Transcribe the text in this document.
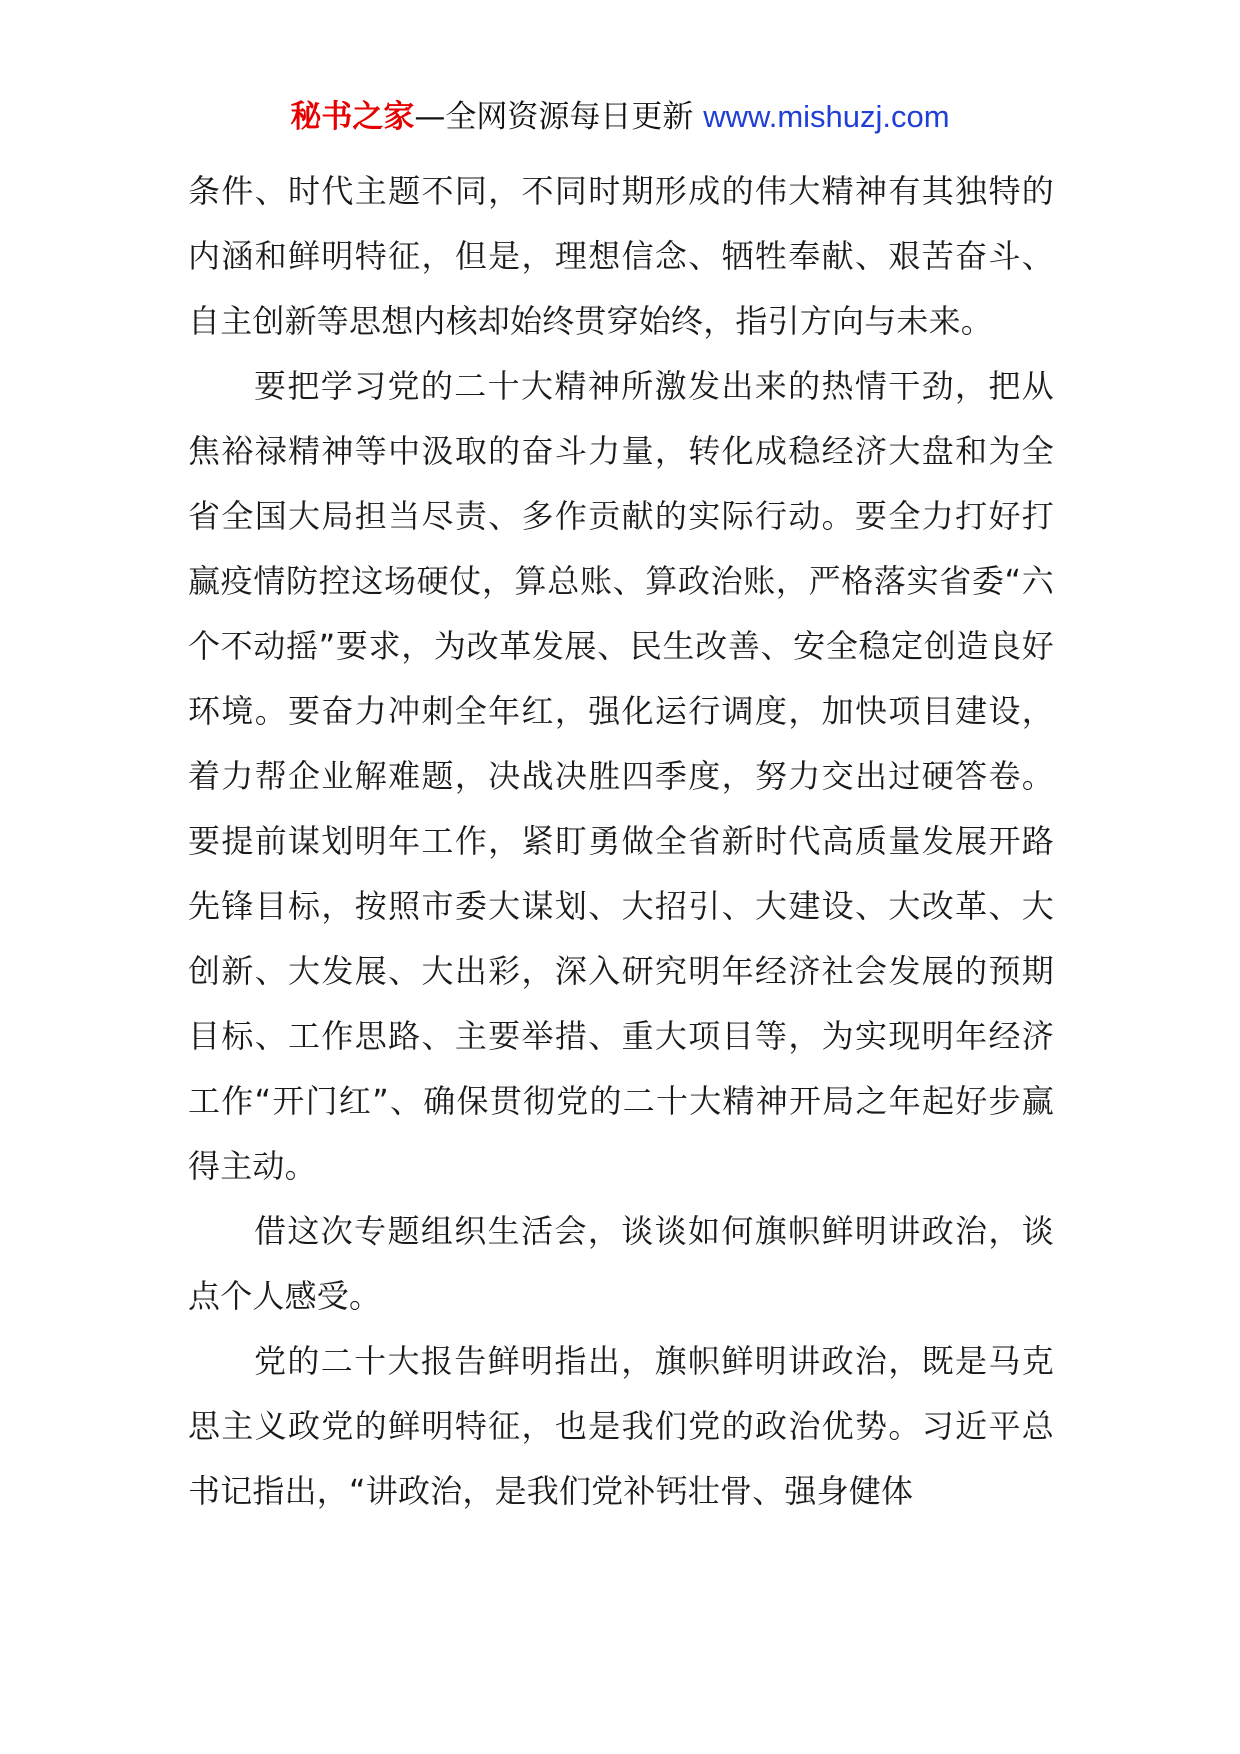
秘书之家—全网资源每日更新 www.mishuzj.com

条件、时代主题不同，不同时期形成的伟大精神有其独特的内涵和鲜明特征，但是，理想信念、牺牲奉献、艰苦奋斗、自主创新等思想内核却始终贯穿始终，指引方向与未来。

要把学习党的二十大精神所激发出来的热情干劲，把从焦裕禄精神等中汲取的奋斗力量，转化成稳经济大盘和为全省全国大局担当尽责、多作贡献的实际行动。要全力打好打赢疫情防控这场硬仗，算总账、算政治账，严格落实省委“六个不动摇”要求，为改革发展、民生改善、安全稳定创造良好环境。要奋力冲刺全年红，强化运行调度，加快项目建设，着力帮企业解难题，决战决胜四季度，努力交出过硬答卷。要提前谋划明年工作，紧盯勇做全省新时代高质量发展开路先锋目标，按照市委大谋划、大招引、大建设、大改革、大创新、大发展、大出彩，深入研究明年经济社会发展的预期目标、工作思路、主要举措、重大项目等，为实现明年经济工作“开门红”、确保贯彻党的二十大精神开局之年起好步赢得主动。

借这次专题组织生活会，谈谈如何旗帜鲜明讲政治，谈点个人感受。

党的二十大报告鲜明指出，旗帜鲜明讲政治，既是马克思主义政党的鲜明特征，也是我们党的政治优势。习近平总书记指出，“讲政治，是我们党补钙壮骨、强身健体
